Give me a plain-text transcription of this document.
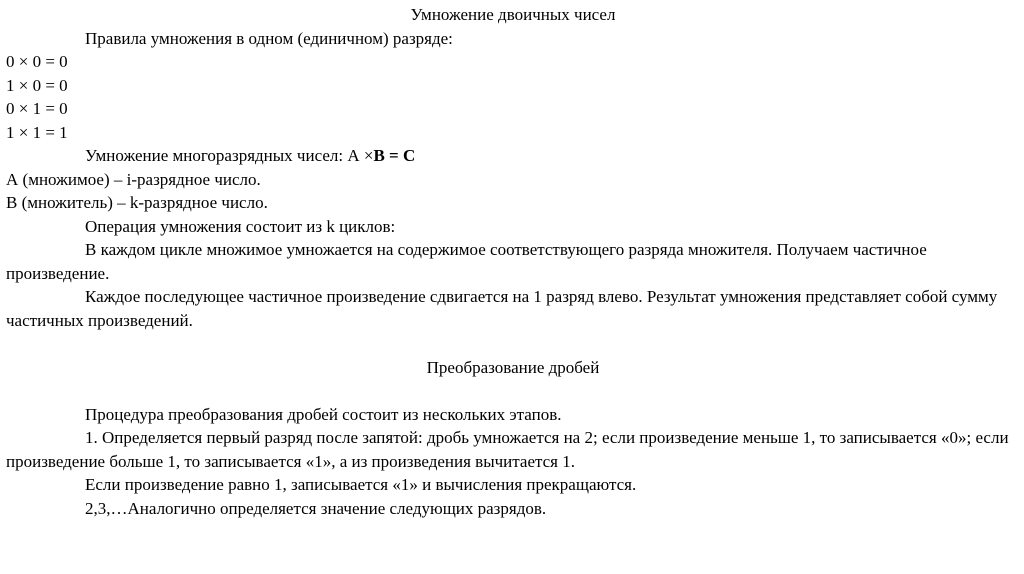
Умножение двоичных чисел

Правила умножения в одном (единичном) разряде:

0 × 0 = 0

1 × 0 = 0

0 × 1 = 0

1 × 1 = 1

Умножение многоразрядных чисел: А ×В = С

А (множимое) – i-разрядное число.

В (множитель) – k-разрядное число.

Операция умножения состоит из k циклов:

В каждом цикле множимое умножается на содержимое соответствующего разряда множителя. Получаем частичное произведение.

Каждое последующее частичное произведение сдвигается на 1 разряд влево. Результат умножения представляет собой сумму частичных произведений.

Преобразование дробей

Процедура преобразования дробей состоит из нескольких этапов.

1. Определяется первый разряд после запятой: дробь умножается на 2; если произведение меньше 1, то записывается «0»; если произведение больше 1, то записывается «1», а из произведения вычитается 1.

Если произведение равно 1, записывается «1» и вычисления прекращаются.

2,3,…Аналогично определяется значение следующих разрядов.
